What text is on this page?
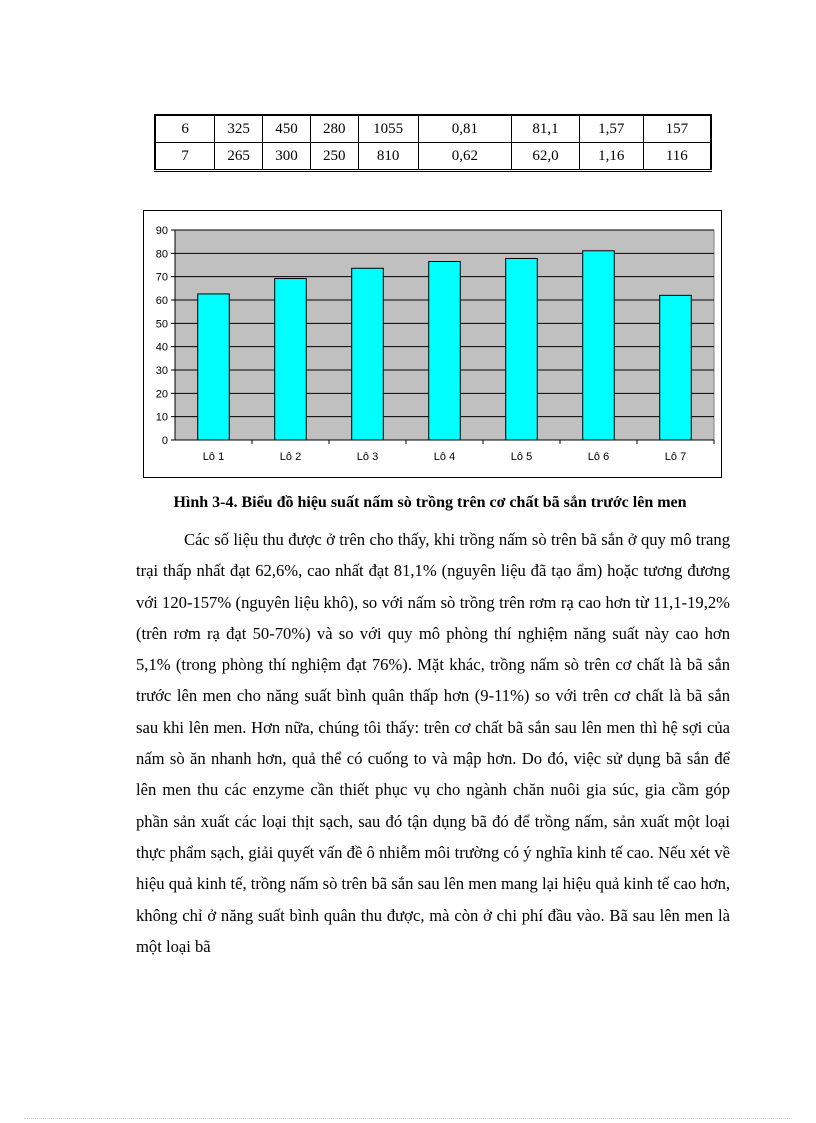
6	325	450	280	1055	0,81	81,1	1,57	157
7	265	300	250	810	0,62	62,0	1,16	116
0
10
20
30
40
50
60
70
80
90
Lô 1	Lô 2	Lô 3	Lô 4	Lô 5	Lô 6	Lô 7
Hình 3-4. Biểu đồ hiệu suất nấm sò trồng trên cơ chất bã sắn trước lên men

Các số liệu thu được ở trên cho thấy, khi trồng nấm sò trên bã sắn ở quy mô trang trại thấp nhất đạt 62,6%, cao nhất đạt 81,1% (nguyên liệu đã tạo ẩm) hoặc tương đương với 120-157% (nguyên liệu khô), so với nấm sò trồng trên rơm rạ cao hơn từ 11,1-19,2% (trên rơm rạ đạt 50-70%) và so với quy mô phòng thí nghiệm năng suất này cao hơn 5,1% (trong phòng thí nghiệm đạt 76%). Mặt khác, trồng nấm sò trên cơ chất là bã sắn trước lên men cho năng suất bình quân thấp hơn (9-11%) so với trên cơ chất là bã sắn sau khi lên men. Hơn nữa, chúng tôi thấy: trên cơ chất bã sắn sau lên men thì hệ sợi của nấm sò ăn nhanh hơn, quả thể có cuống to và mập hơn. Do đó, việc sử dụng bã sắn để lên men thu các enzyme cần thiết phục vụ cho ngành chăn nuôi gia súc, gia cầm góp phần sản xuất các loại thịt sạch, sau đó tận dụng bã đó để trồng nấm, sản xuất một loại thực phẩm sạch, giải quyết vấn đề ô nhiễm môi trường có ý nghĩa kinh tế cao. Nếu xét về hiệu quả kinh tế, trồng nấm sò trên bã sắn sau lên men mang lại hiệu quả kinh tế cao hơn, không chỉ ở năng suất bình quân thu được, mà còn ở chi phí đầu vào. Bã sau lên men là một loại bã
